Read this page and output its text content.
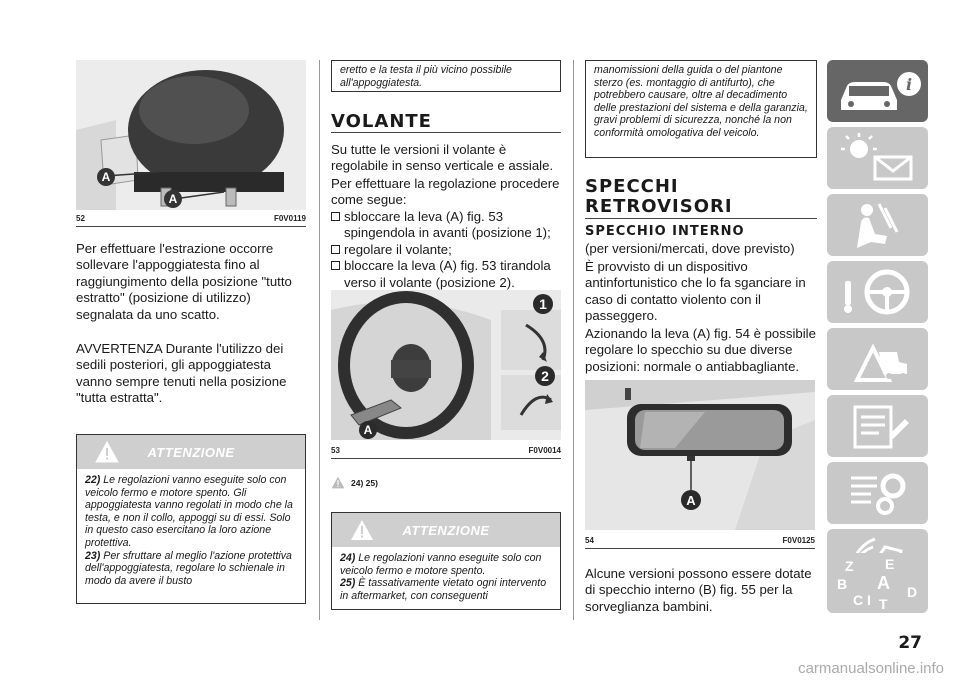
A
A
52	F0V0119

Per effettuare l'estrazione occorre sollevare l'appoggiatesta fino al raggiungimento della posizione "tutto estratto" (posizione di utilizzo) segnalata da uno scatto.

AVVERTENZA Durante l'utilizzo dei sedili posteriori, gli appoggiatesta vanno sempre tenuti nella posizione "tutta estratta".

ATTENZIONE
22) Le regolazioni vanno eseguite solo con veicolo fermo e motore spento. Gli appoggiatesta vanno regolati in modo che la testa, e non il collo, appoggi su di essi. Solo in questo caso esercitano la loro azione protettiva.
23) Per sfruttare al meglio l'azione protettiva dell'appoggiatesta, regolare lo schienale in modo da avere il busto
eretto e la testa il più vicino possibile all'appoggiatesta.
VOLANTE

Su tutte le versioni il volante è regolabile in senso verticale e assiale.

Per effettuare la regolazione procedere come segue:

sbloccare la leva (A) fig. 53 spingendola in avanti (posizione 1);
regolare il volante;
bloccare la leva (A) fig. 53 tirandola verso il volante (posizione 2).
1
2
A
53	F0V0014
24) 25)
ATTENZIONE
24) Le regolazioni vanno eseguite solo con veicolo fermo e motore spento.
25) È tassativamente vietato ogni intervento in aftermarket, con conseguenti
manomissioni della guida o del piantone sterzo (es. montaggio di antifurto), che potrebbero causare, oltre al decadimento delle prestazioni del sistema e della garanzia, gravi problemi di sicurezza, nonché la non conformità omologativa del veicolo.
SPECCHI RETROVISORI
SPECCHIO INTERNO

(per versioni/mercati, dove previsto)

È provvisto di un dispositivo antinfortunistico che lo fa sganciare in caso di contatto violento con il passeggero.

Azionando la leva (A) fig. 54 è possibile regolare lo specchio su due diverse posizioni: normale o antiabbagliante.

A
54	F0V0125

Alcune versioni possono essere dotate di specchio interno (B) fig. 55 per la sorveglianza bambini.

i
Z E
B A
C	D
T
I
27
carmanualsonline.info
